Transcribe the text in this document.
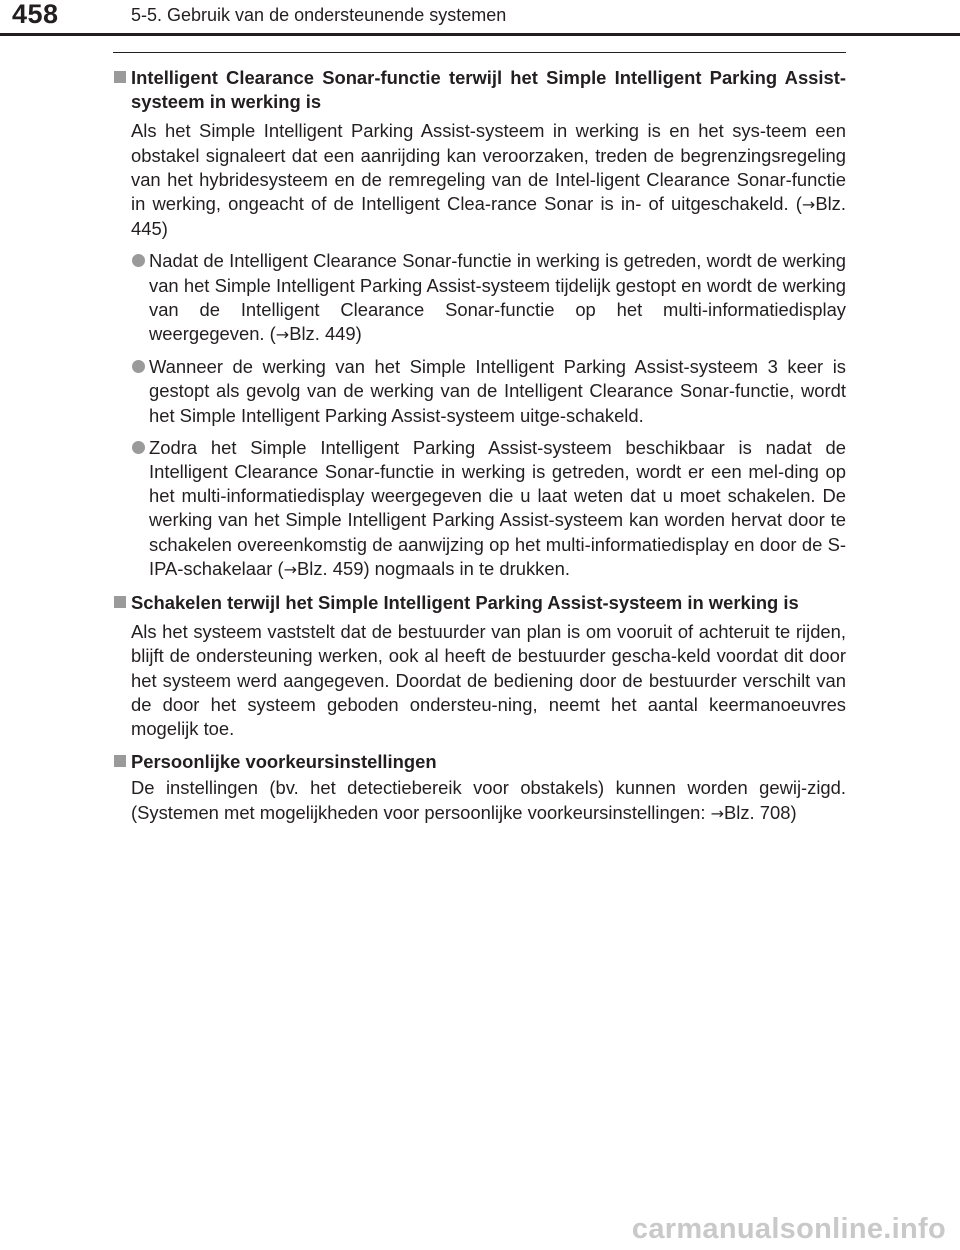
458	5-5. Gebruik van de ondersteunende systemen
Intelligent Clearance Sonar-functie terwijl het Simple Intelligent Parking Assist-systeem in werking is
Als het Simple Intelligent Parking Assist-systeem in werking is en het sys-teem een obstakel signaleert dat een aanrijding kan veroorzaken, treden de begrenzingsregeling van het hybridesysteem en de remregeling van de Intel-ligent Clearance Sonar-functie in werking, ongeacht of de Intelligent Clea-rance Sonar is in- of uitgeschakeld. (→Blz. 445)
Nadat de Intelligent Clearance Sonar-functie in werking is getreden, wordt de werking van het Simple Intelligent Parking Assist-systeem tijdelijk gestopt en wordt de werking van de Intelligent Clearance Sonar-functie op het multi-informatiedisplay weergegeven. (→Blz. 449)
Wanneer de werking van het Simple Intelligent Parking Assist-systeem 3 keer is gestopt als gevolg van de werking van de Intelligent Clearance Sonar-functie, wordt het Simple Intelligent Parking Assist-systeem uitge-schakeld.
Zodra het Simple Intelligent Parking Assist-systeem beschikbaar is nadat de Intelligent Clearance Sonar-functie in werking is getreden, wordt er een mel-ding op het multi-informatiedisplay weergegeven die u laat weten dat u moet schakelen. De werking van het Simple Intelligent Parking Assist-systeem kan worden hervat door te schakelen overeenkomstig de aanwijzing op het multi-informatiedisplay en door de S-IPA-schakelaar (→Blz. 459) nogmaals in te drukken.
Schakelen terwijl het Simple Intelligent Parking Assist-systeem in werking is
Als het systeem vaststelt dat de bestuurder van plan is om vooruit of achteruit te rijden, blijft de ondersteuning werken, ook al heeft de bestuurder gescha-keld voordat dit door het systeem werd aangegeven. Doordat de bediening door de bestuurder verschilt van de door het systeem geboden ondersteu-ning, neemt het aantal keermanoeuvres mogelijk toe.
Persoonlijke voorkeursinstellingen
De instellingen (bv. het detectiebereik voor obstakels) kunnen worden gewij-zigd. (Systemen met mogelijkheden voor persoonlijke voorkeursinstellingen: →Blz. 708)
carmanualsonline.info
